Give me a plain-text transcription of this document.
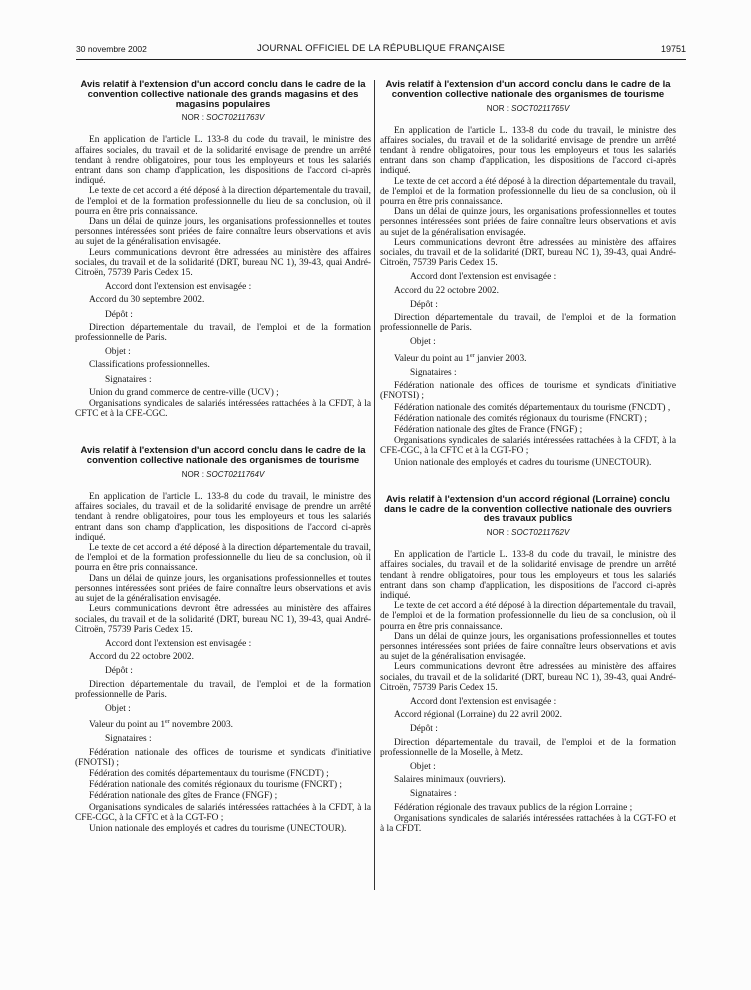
30 novembre 2002	JOURNAL OFFICIEL DE LA RÉPUBLIQUE FRANÇAISE	19751
Avis relatif à l'extension d'un accord conclu dans le cadre de la convention collective nationale des grands magasins et des magasins populaires
NOR : SOCT0211763V

En application de l'article L. 133-8 du code du travail, le ministre des affaires sociales, du travail et de la solidarité envisage de prendre un arrêté tendant à rendre obligatoires, pour tous les employeurs et tous les salariés entrant dans son champ d'application, les dispositions de l'accord ci-après indiqué.

Le texte de cet accord a été déposé à la direction départementale du travail, de l'emploi et de la formation professionnelle du lieu de sa conclusion, où il pourra en être pris connaissance.

Dans un délai de quinze jours, les organisations professionnelles et toutes personnes intéressées sont priées de faire connaître leurs observations et avis au sujet de la généralisation envisagée.

Leurs communications devront être adressées au ministère des affaires sociales, du travail et de la solidarité (DRT, bureau NC 1), 39-43, quai André-Citroën, 75739 Paris Cedex 15.

Accord dont l'extension est envisagée :
Accord du 30 septembre 2002.
Dépôt :
Direction départementale du travail, de l'emploi et de la formation professionnelle de Paris.
Objet :
Classifications professionnelles.
Signataires :
Union du grand commerce de centre-ville (UCV) ;
Organisations syndicales de salariés intéressées rattachées à la CFDT, à la CFTC et à la CFE-CGC.
Avis relatif à l'extension d'un accord conclu dans le cadre de la convention collective nationale des organismes de tourisme
NOR : SOCT0211764V

En application de l'article L. 133-8 du code du travail, le ministre des affaires sociales, du travail et de la solidarité envisage de prendre un arrêté tendant à rendre obligatoires, pour tous les employeurs et tous les salariés entrant dans son champ d'application, les dispositions de l'accord ci-après indiqué.

Le texte de cet accord a été déposé à la direction départementale du travail, de l'emploi et de la formation professionnelle du lieu de sa conclusion, où il pourra en être pris connaissance.

Dans un délai de quinze jours, les organisations professionnelles et toutes personnes intéressées sont priées de faire connaître leurs observations et avis au sujet de la généralisation envisagée.

Leurs communications devront être adressées au ministère des affaires sociales, du travail et de la solidarité (DRT, bureau NC 1), 39-43, quai André-Citroën, 75739 Paris Cedex 15.

Accord dont l'extension est envisagée :
Accord du 22 octobre 2002.
Dépôt :
Direction départementale du travail, de l'emploi et de la formation professionnelle de Paris.
Objet :
Valeur du point au 1er novembre 2003.
Signataires :
Fédération nationale des offices de tourisme et syndicats d'initiative (FNOTSI) ;
Fédération des comités départementaux du tourisme (FNCDT) ;
Fédération nationale des comités régionaux du tourisme (FNCRT) ;
Fédération nationale des gîtes de France (FNGF) ;
Organisations syndicales de salariés intéressées rattachées à la CFDT, à la CFE-CGC, à la CFTC et à la CGT-FO ;
Union nationale des employés et cadres du tourisme (UNECTOUR).
Avis relatif à l'extension d'un accord conclu dans le cadre de la convention collective nationale des organismes de tourisme
NOR : SOCT0211765V

En application de l'article L. 133-8 du code du travail, le ministre des affaires sociales, du travail et de la solidarité envisage de prendre un arrêté tendant à rendre obligatoires, pour tous les employeurs et tous les salariés entrant dans son champ d'application, les dispositions de l'accord ci-après indiqué.

Le texte de cet accord a été déposé à la direction départementale du travail, de l'emploi et de la formation professionnelle du lieu de sa conclusion, où il pourra en être pris connaissance.

Dans un délai de quinze jours, les organisations professionnelles et toutes personnes intéressées sont priées de faire connaître leurs observations et avis au sujet de la généralisation envisagée.

Leurs communications devront être adressées au ministère des affaires sociales, du travail et de la solidarité (DRT, bureau NC 1), 39-43, quai André-Citroën, 75739 Paris Cedex 15.

Accord dont l'extension est envisagée :
Accord du 22 octobre 2002.
Dépôt :
Direction départementale du travail, de l'emploi et de la formation professionnelle de Paris.
Objet :
Valeur du point au 1er janvier 2003.
Signataires :
Fédération nationale des offices de tourisme et syndicats d'initiative (FNOTSI) ;
Fédération nationale des comités départementaux du tourisme (FNCDT) ,
Fédération nationale des comités régionaux du tourisme (FNCRT) ;
Fédération nationale des gîtes de France (FNGF) ;
Organisations syndicales de salariés intéressées rattachées à la CFDT, à la CFE-CGC, à la CFTC et à la CGT-FO ;
Union nationale des employés et cadres du tourisme (UNECTOUR).
Avis relatif à l'extension d'un accord régional (Lorraine) conclu dans le cadre de la convention collective nationale des ouvriers des travaux publics
NOR : SOCT0211762V

En application de l'article L. 133-8 du code du travail, le ministre des affaires sociales, du travail et de la solidarité envisage de prendre un arrêté tendant à rendre obligatoires, pour tous les employeurs et tous les salariés entrant dans son champ d'application, les dispositions de l'accord ci-après indiqué.

Le texte de cet accord a été déposé à la direction départementale du travail, de l'emploi et de la formation professionnelle du lieu de sa conclusion, où il pourra en être pris connaissance.

Dans un délai de quinze jours, les organisations professionnelles et toutes personnes intéressées sont priées de faire connaître leurs observations et avis au sujet de la généralisation envisagée.

Leurs communications devront être adressées au ministère des affaires sociales, du travail et de la solidarité (DRT, bureau NC 1), 39-43, quai André-Citroën, 75739 Paris Cedex 15.

Accord dont l'extension est envisagée :
Accord régional (Lorraine) du 22 avril 2002.
Dépôt :
Direction départementale du travail, de l'emploi et de la formation professionnelle de la Moselle, à Metz.
Objet :
Salaires minimaux (ouvriers).
Signataires :
Fédération régionale des travaux publics de la région Lorraine ;
Organisations syndicales de salariés intéressées rattachées à la CGT-FO et à la CFDT.
